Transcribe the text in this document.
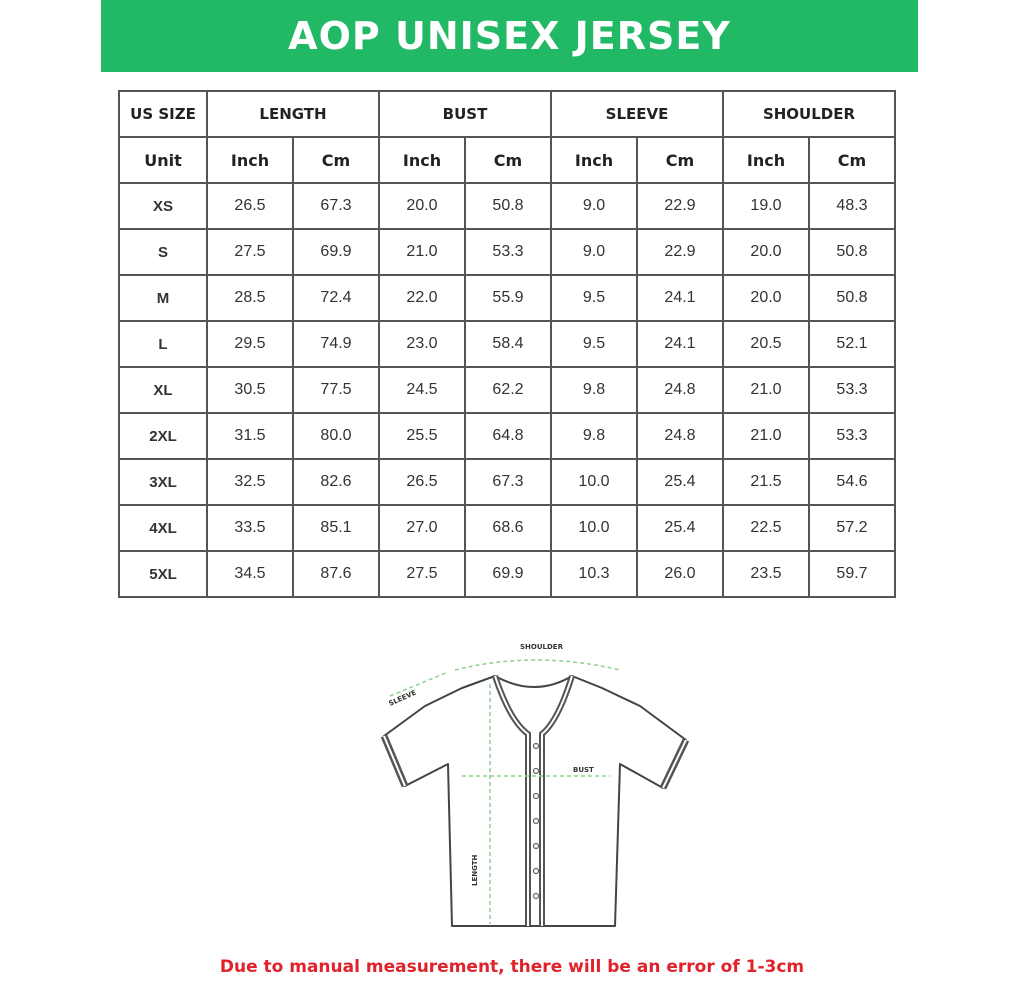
AOP UNISEX JERSEY
US SIZE	LENGTH		BUST		SLEEVE		SHOULDER	
Unit	Inch	Cm	Inch	Cm	Inch	Cm	Inch	Cm
XS	26.5	67.3	20.0	50.8	9.0	22.9	19.0	48.3
S	27.5	69.9	21.0	53.3	9.0	22.9	20.0	50.8
M	28.5	72.4	22.0	55.9	9.5	24.1	20.0	50.8
L	29.5	74.9	23.0	58.4	9.5	24.1	20.5	52.1
XL	30.5	77.5	24.5	62.2	9.8	24.8	21.0	53.3
2XL	31.5	80.0	25.5	64.8	9.8	24.8	21.0	53.3
3XL	32.5	82.6	26.5	67.3	10.0	25.4	21.5	54.6
4XL	33.5	85.1	27.0	68.6	10.0	25.4	22.5	57.2
5XL	34.5	87.6	27.5	69.9	10.3	26.0	23.5	59.7
SHOULDER
SLEEVE
BUST
LENGTH
Due to manual measurement, there will be an error of 1-3cm
